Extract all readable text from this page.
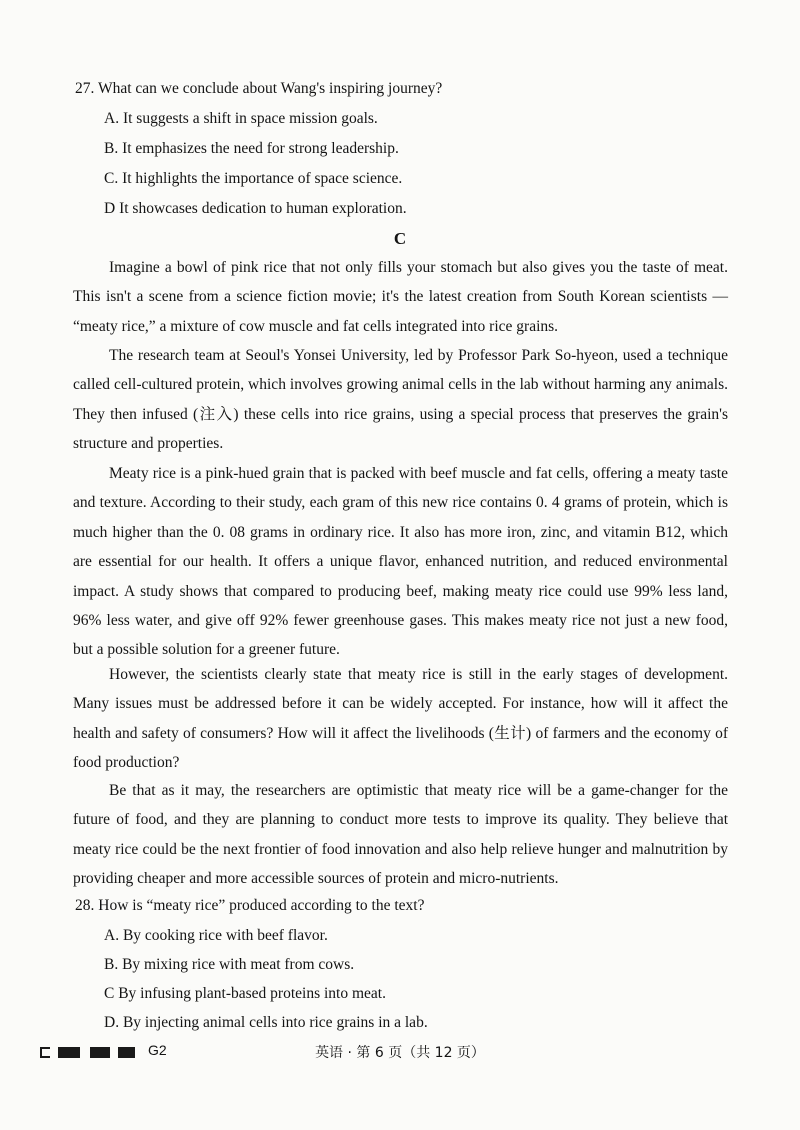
27. What can we conclude about Wang's inspiring journey?
A. It suggests a shift in space mission goals.
B. It emphasizes the need for strong leadership.
C. It highlights the importance of space science.
D It showcases dedication to human exploration.
C

Imagine a bowl of pink rice that not only fills your stomach but also gives you the taste of meat. This isn't a scene from a science fiction movie; it's the latest creation from South Korean scientists — “meaty rice,” a mixture of cow muscle and fat cells integrated into rice grains.

The research team at Seoul's Yonsei University, led by Professor Park So-hyeon, used a technique called cell-cultured protein, which involves growing animal cells in the lab without harming any animals. They then infused (注入) these cells into rice grains, using a special process that preserves the grain's structure and properties.

Meaty rice is a pink-hued grain that is packed with beef muscle and fat cells, offering a meaty taste and texture. According to their study, each gram of this new rice contains 0. 4 grams of protein, which is much higher than the 0. 08 grams in ordinary rice. It also has more iron, zinc, and vitamin B12, which are essential for our health. It offers a unique flavor, enhanced nutrition, and reduced environmental impact. A study shows that compared to producing beef, making meaty rice could use 99% less land, 96% less water, and give off 92% fewer greenhouse gases. This makes meaty rice not just a new food, but a possible solution for a greener future.

However, the scientists clearly state that meaty rice is still in the early stages of development. Many issues must be addressed before it can be widely accepted. For instance, how will it affect the health and safety of consumers? How will it affect the livelihoods (生计) of farmers and the economy of food production?

Be that as it may, the researchers are optimistic that meaty rice will be a game-changer for the future of food, and they are planning to conduct more tests to improve its quality. They believe that meaty rice could be the next frontier of food innovation and also help relieve hunger and malnutrition by providing cheaper and more accessible sources of protein and micro-nutrients.

28. How is “meaty rice” produced according to the text?
A. By cooking rice with beef flavor.
B. By mixing rice with meat from cows.
C By infusing plant-based proteins into meat.
D. By injecting animal cells into rice grains in a lab.
G2	英语 · 第 6 页（共 12 页）
